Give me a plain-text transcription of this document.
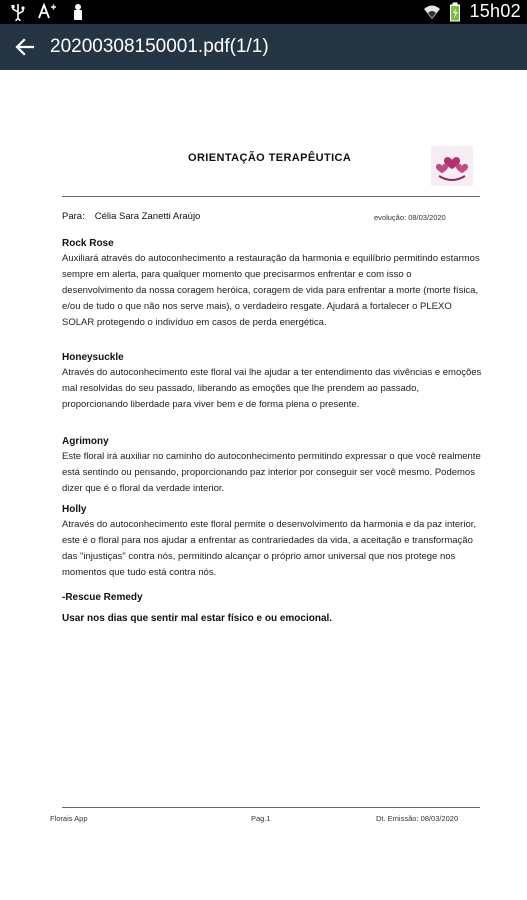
15h02
20200308150001.pdf(1/1)
ORIENTAÇÃO TERAPÊUTICA
Para: Célia Sara Zanetti Araújo	evolução: 08/03/2020
Rock Rose
Auxiliará através do autoconhecimento a restauração da harmonia e equilíbrio permitindo estarmos sempre em alerta, para qualquer momento que precisarmos enfrentar e com isso o desenvolvimento da nossa coragem heróica, coragem de vida para enfrentar a morte (morte física, e/ou de tudo o que não nos serve mais), o verdadeiro resgate. Ajudará a fortalecer o PLEXO SOLAR protegendo o indivíduo em casos de perda energética.
Honeysuckle
Através do autoconhecimento este floral vai lhe ajudar a ter entendimento das vivências e emoções mal resolvidas do seu passado, liberando as emoções que lhe prendem ao passado, proporcionando liberdade para viver bem e de forma plena o presente.
Agrimony
Este floral irá auxiliar no caminho do autoconhecimento permitindo expressar o que você realmente está sentindo ou pensando, proporcionando paz interior por conseguir ser você mesmo. Podemos dizer que é o floral da verdade interior.
Holly
Através do autoconhecimento este floral permite o desenvolvimento da harmonia e da paz interior, este é o floral para nos ajudar a enfrentar as contrariedades da vida, a aceitação e transformação das "injustiças" contra nós, permitindo alcançar o próprio amor universal que nos protege nos momentos que tudo está contra nós.
-Rescue Remedy
Usar nos dias que sentir mal estar físico e ou emocional.
Florais App	Pag.1	Dt. Emissão: 08/03/2020
